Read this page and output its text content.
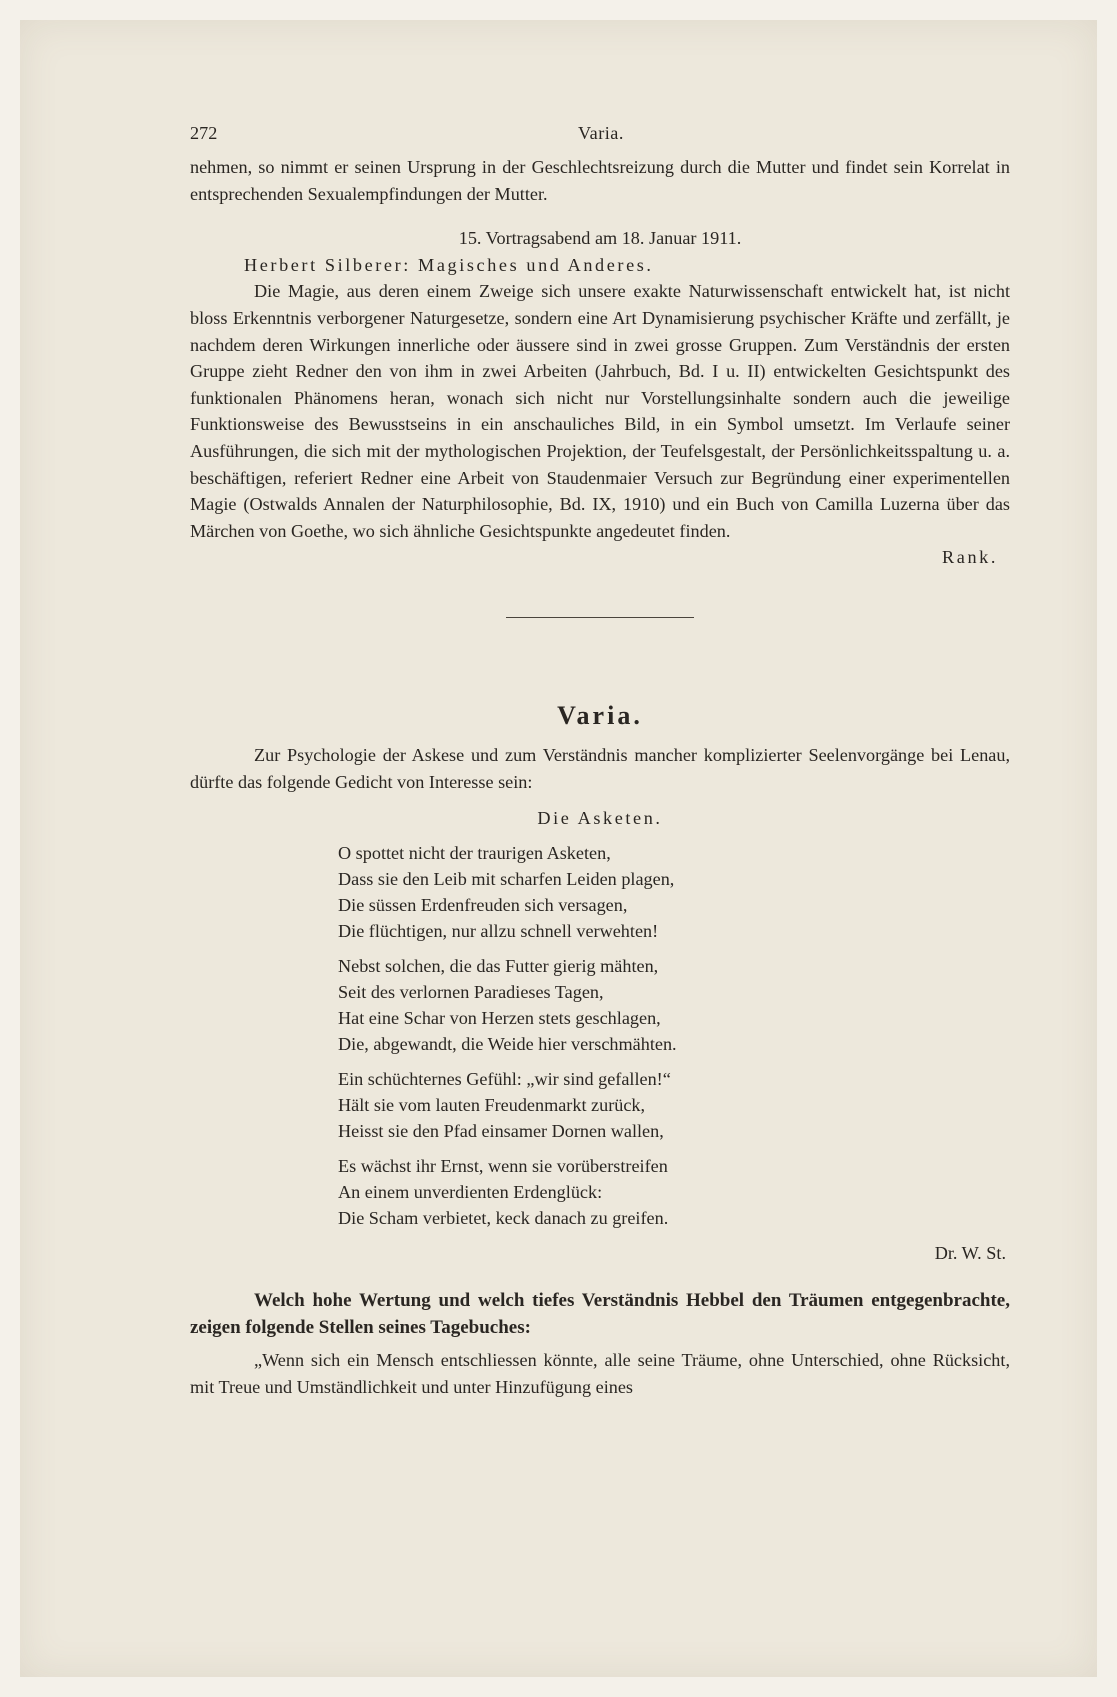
272	Varia.

nehmen, so nimmt er seinen Ursprung in der Geschlechtsreizung durch die Mutter und findet sein Korrelat in entsprechenden Sexualempfindungen der Mutter.

15. Vortragsabend am 18. Januar 1911.

Herbert Silberer: Magisches und Anderes.

Die Magie, aus deren einem Zweige sich unsere exakte Naturwissenschaft entwickelt hat, ist nicht bloss Erkenntnis verborgener Naturgesetze, sondern eine Art Dynamisierung psychischer Kräfte und zerfällt, je nachdem deren Wirkungen innerliche oder äussere sind in zwei grosse Gruppen. Zum Verständnis der ersten Gruppe zieht Redner den von ihm in zwei Arbeiten (Jahrbuch, Bd. I u. II) entwickelten Gesichtspunkt des funktionalen Phänomens heran, wonach sich nicht nur Vorstellungsinhalte sondern auch die jeweilige Funktionsweise des Bewusstseins in ein anschauliches Bild, in ein Symbol umsetzt. Im Verlaufe seiner Ausführungen, die sich mit der mythologischen Projektion, der Teufelsgestalt, der Persönlichkeitsspaltung u. a. beschäftigen, referiert Redner eine Arbeit von Staudenmaier Versuch zur Begründung einer experimentellen Magie (Ostwalds Annalen der Naturphilosophie, Bd. IX, 1910) und ein Buch von Camilla Luzerna über das Märchen von Goethe, wo sich ähnliche Gesichtspunkte angedeutet finden.

Rank.

Varia.

Zur Psychologie der Askese und zum Verständnis mancher komplizierter Seelenvorgänge bei Lenau, dürfte das folgende Gedicht von Interesse sein:

Die Asketen.

O spottet nicht der traurigen Asketen,
Dass sie den Leib mit scharfen Leiden plagen,
Die süssen Erdenfreuden sich versagen,
Die flüchtigen, nur allzu schnell verwehten!
Nebst solchen, die das Futter gierig mähten,
Seit des verlornen Paradieses Tagen,
Hat eine Schar von Herzen stets geschlagen,
Die, abgewandt, die Weide hier verschmähten.
Ein schüchternes Gefühl: „wir sind gefallen!“
Hält sie vom lauten Freudenmarkt zurück,
Heisst sie den Pfad einsamer Dornen wallen,
Es wächst ihr Ernst, wenn sie vorüberstreifen
An einem unverdienten Erdenglück:
Die Scham verbietet, keck danach zu greifen.

Dr. W. St.

Welch hohe Wertung und welch tiefes Verständnis Hebbel den Träumen entgegenbrachte, zeigen folgende Stellen seines Tagebuches:

„Wenn sich ein Mensch entschliessen könnte, alle seine Träume, ohne Unterschied, ohne Rücksicht, mit Treue und Umständlichkeit und unter Hinzufügung eines
